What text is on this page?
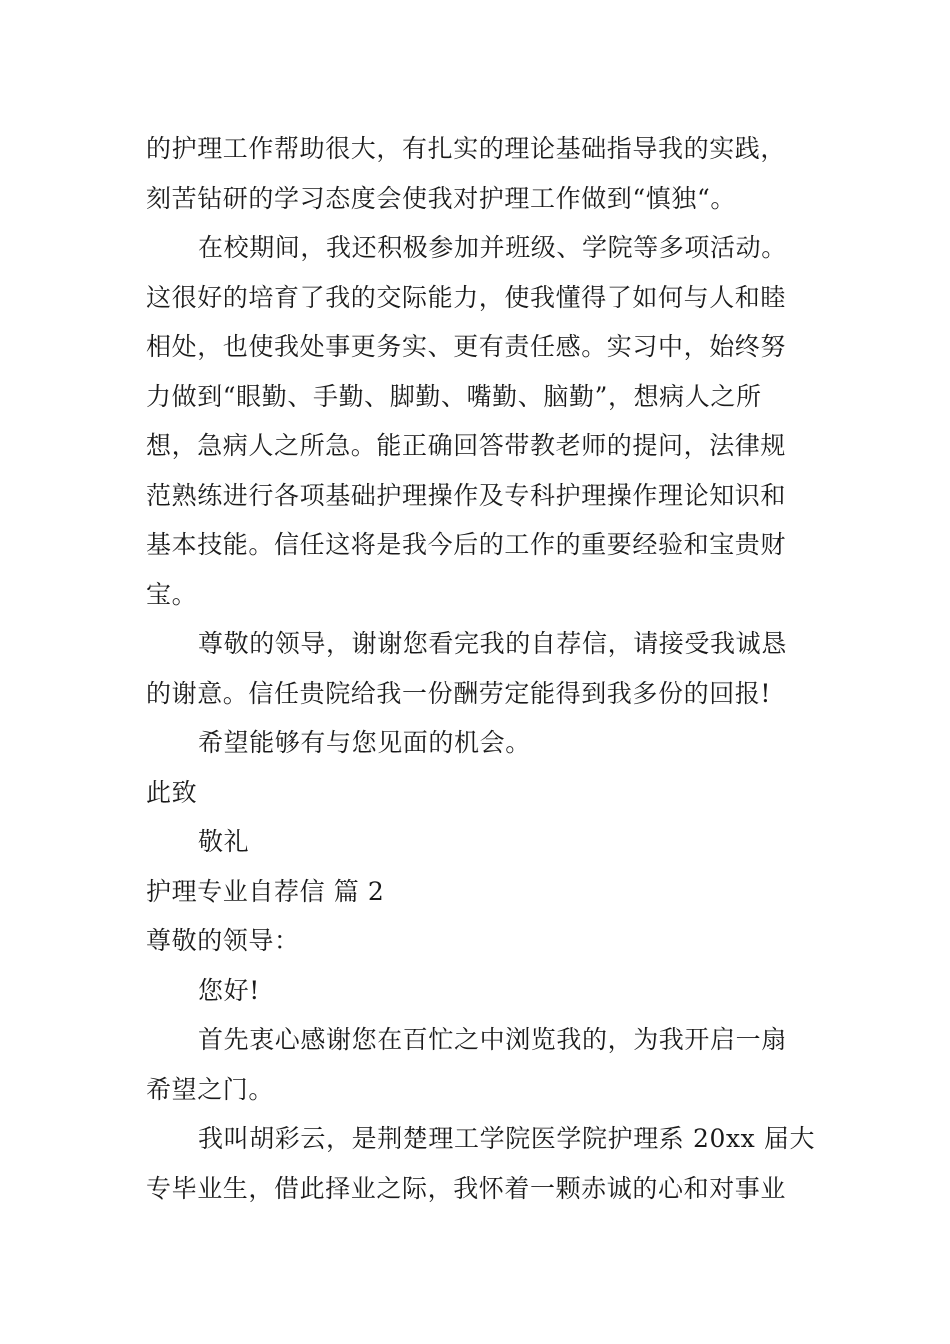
的护理工作帮助很大，有扎实的理论基础指导我的实践，
刻苦钻研的学习态度会使我对护理工作做到“慎独“。
在校期间，我还积极参加并班级、学院等多项活动。
这很好的培育了我的交际能力，使我懂得了如何与人和睦
相处，也使我处事更务实、更有责任感。实习中，始终努
力做到“眼勤、手勤、脚勤、嘴勤、脑勤”，想病人之所
想，急病人之所急。能正确回答带教老师的提问，法律规
范熟练进行各项基础护理操作及专科护理操作理论知识和
基本技能。信任这将是我今后的工作的重要经验和宝贵财
宝。
尊敬的领导，谢谢您看完我的自荐信，请接受我诚恳
的谢意。信任贵院给我一份酬劳定能得到我多份的回报!
希望能够有与您见面的机会。
此致
敬礼
护理专业自荐信 篇 2
尊敬的领导：
您好!
首先衷心感谢您在百忙之中浏览我的，为我开启一扇
希望之门。
我叫胡彩云，是荆楚理工学院医学院护理系 20xx 届大
专毕业生，借此择业之际，我怀着一颗赤诚的心和对事业
